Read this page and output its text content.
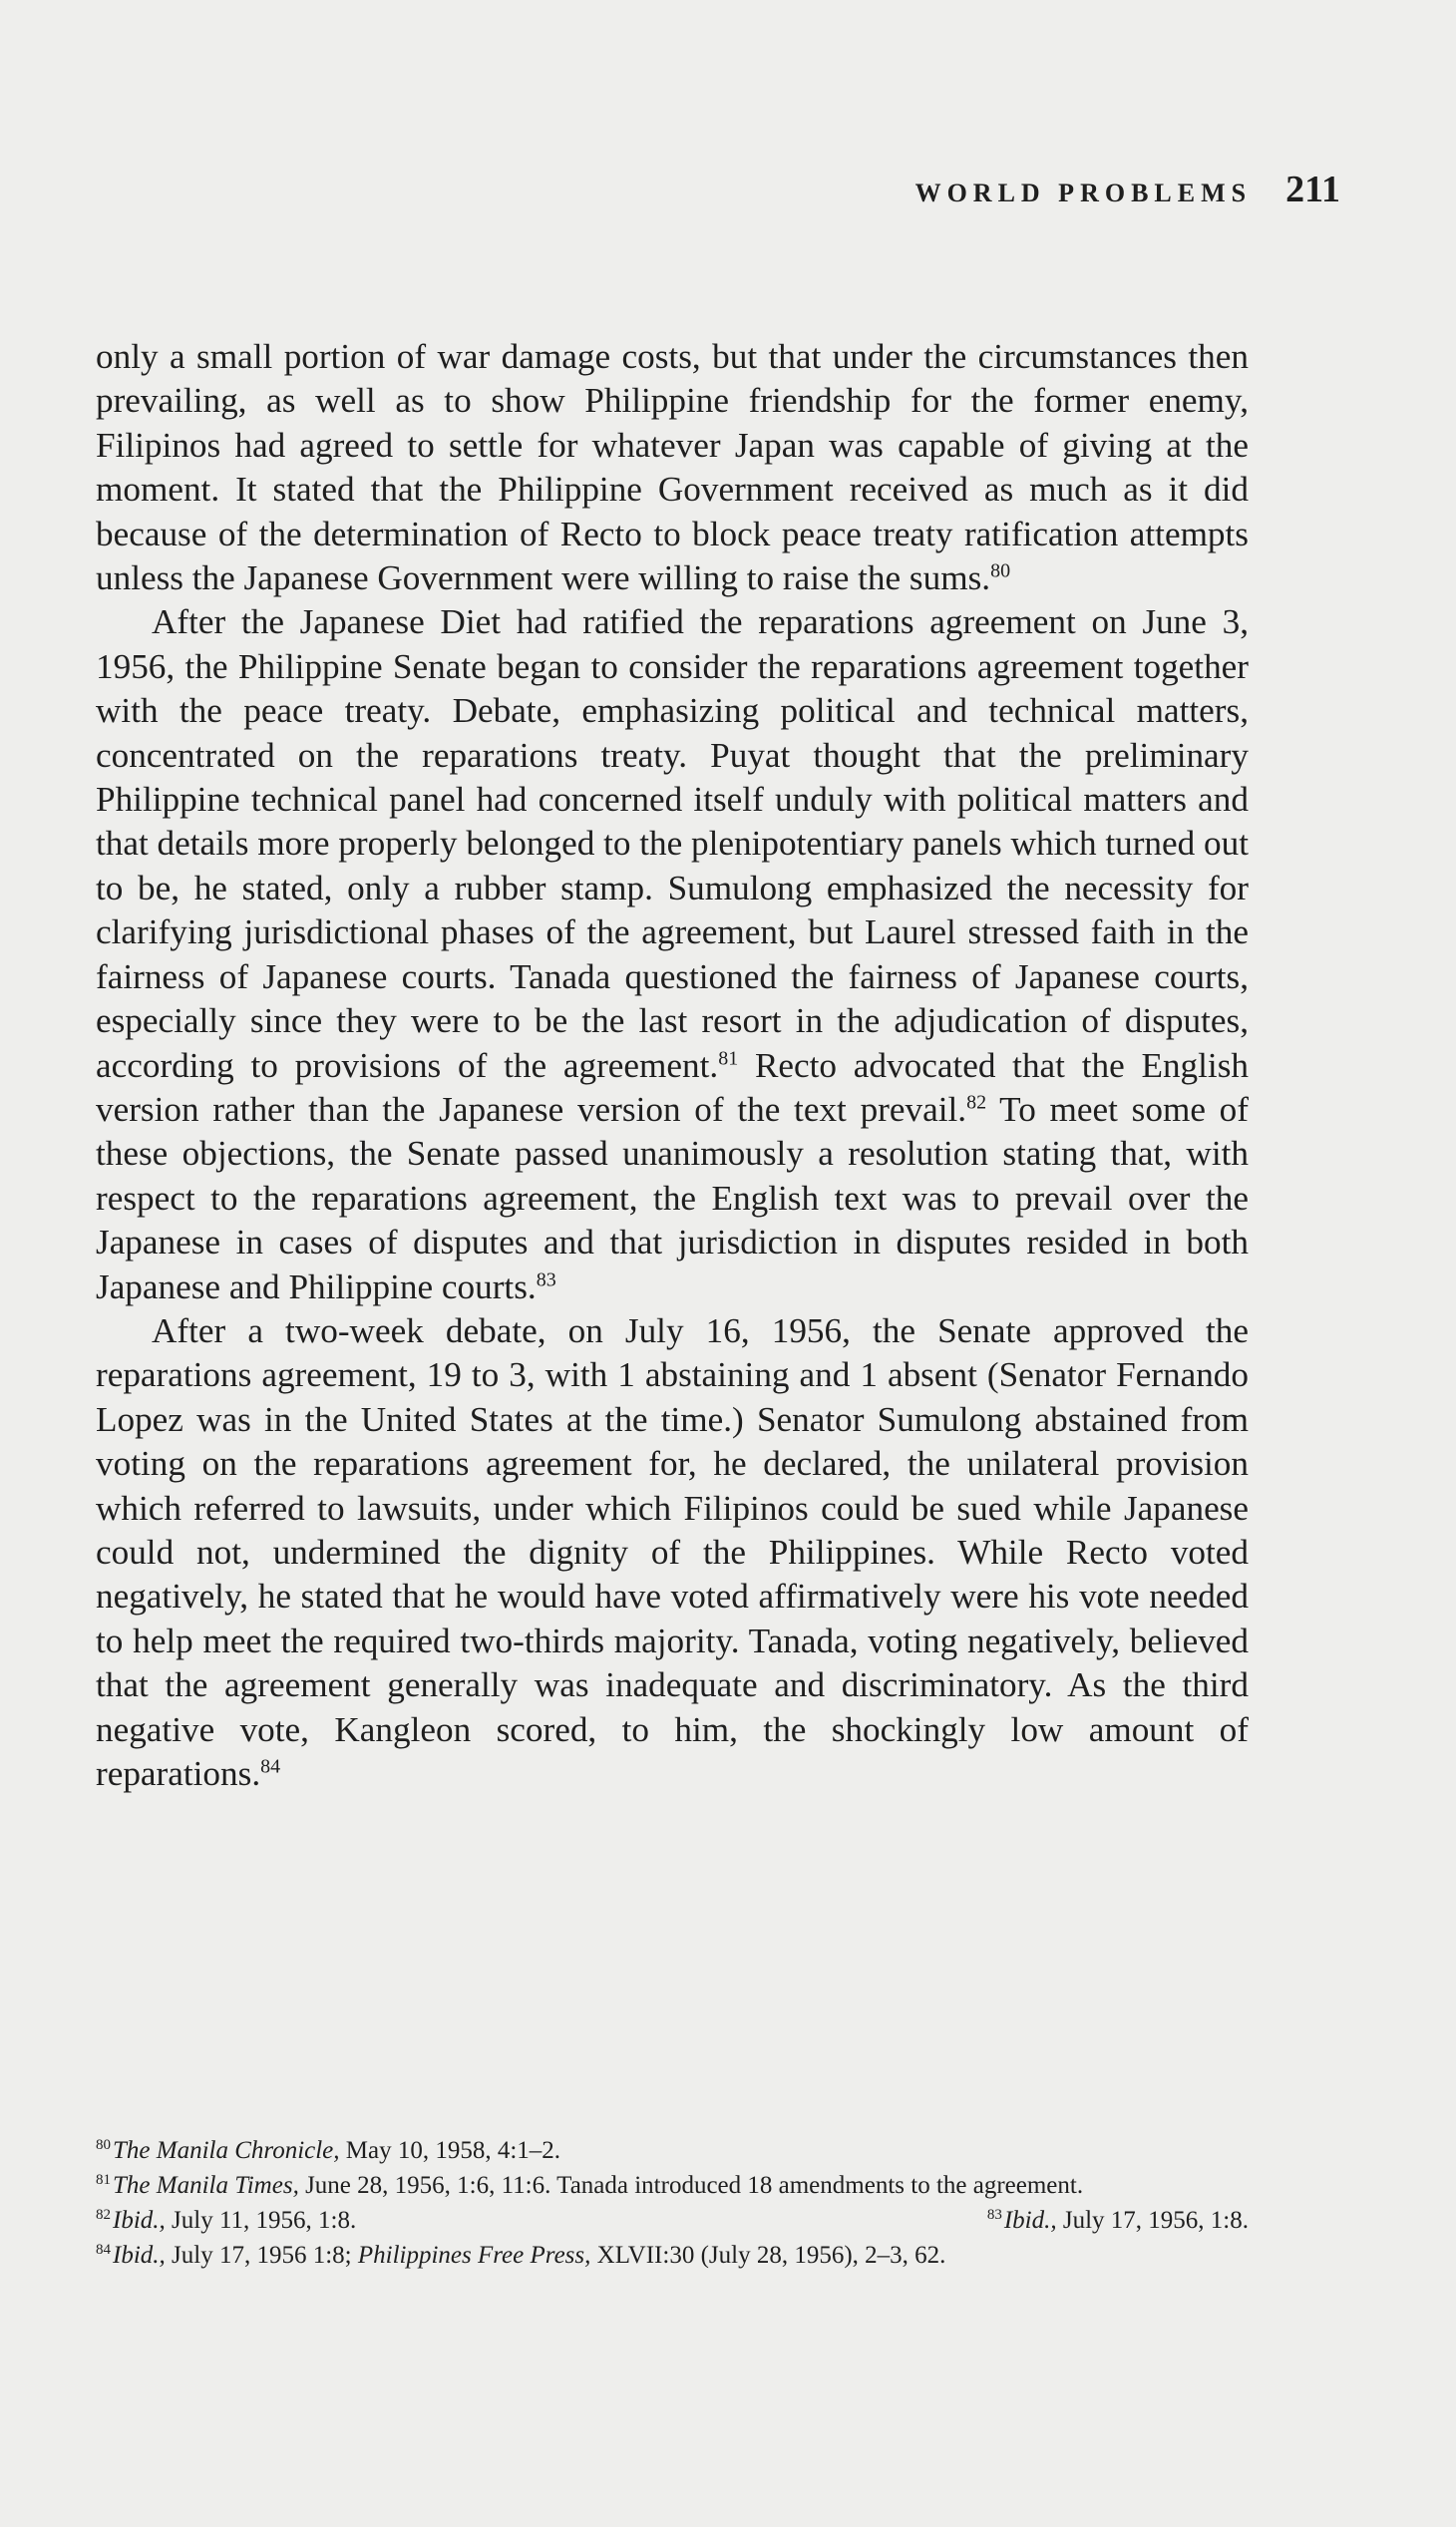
WORLD PROBLEMS 211

only a small portion of war damage costs, but that under the circumstances then prevailing, as well as to show Philippine friendship for the former enemy, Filipinos had agreed to settle for whatever Japan was capable of giving at the moment. It stated that the Philippine Government received as much as it did because of the determination of Recto to block peace treaty ratification attempts unless the Japanese Government were willing to raise the sums.$^{80}$

After the Japanese Diet had ratified the reparations agreement on June 3, 1956, the Philippine Senate began to consider the reparations agreement together with the peace treaty. Debate, emphasizing political and technical matters, concentrated on the reparations treaty. Puyat thought that the preliminary Philippine technical panel had concerned itself unduly with political matters and that details more properly belonged to the plenipotentiary panels which turned out to be, he stated, only a rubber stamp. Sumulong emphasized the necessity for clarifying jurisdictional phases of the agreement, but Laurel stressed faith in the fairness of Japanese courts. Tanada questioned the fairness of Japanese courts, especially since they were to be the last resort in the adjudication of disputes, according to provisions of the agreement.$^{81}$ Recto advocated that the English version rather than the Japanese version of the text prevail.$^{82}$ To meet some of these objections, the Senate passed unanimously a resolution stating that, with respect to the reparations agreement, the English text was to prevail over the Japanese in cases of disputes and that jurisdiction in disputes resided in both Japanese and Philippine courts.$^{83}$

After a two-week debate, on July 16, 1956, the Senate approved the reparations agreement, 19 to 3, with 1 abstaining and 1 absent (Senator Fernando Lopez was in the United States at the time.) Senator Sumulong abstained from voting on the reparations agreement for, he declared, the unilateral provision which referred to lawsuits, under which Filipinos could be sued while Japanese could not, undermined the dignity of the Philippines. While Recto voted negatively, he stated that he would have voted affirmatively were his vote needed to help meet the required two-thirds majority. Tanada, voting negatively, believed that the agreement generally was inadequate and discriminatory. As the third negative vote, Kangleon scored, to him, the shockingly low amount of reparations.$^{84}$

$^{80}$The Manila Chronicle, May 10, 1958, 4:1–2.
$^{81}$The Manila Times, June 28, 1956, 1:6, 11:6. Tanada introduced 18 amendments to the agreement.
$^{82}$Ibid., July 11, 1956, 1:8.	$^{83}$Ibid., July 17, 1956, 1:8.
$^{84}$Ibid., July 17, 1956 1:8; Philippines Free Press, XLVII:30 (July 28, 1956), 2–3, 62.
